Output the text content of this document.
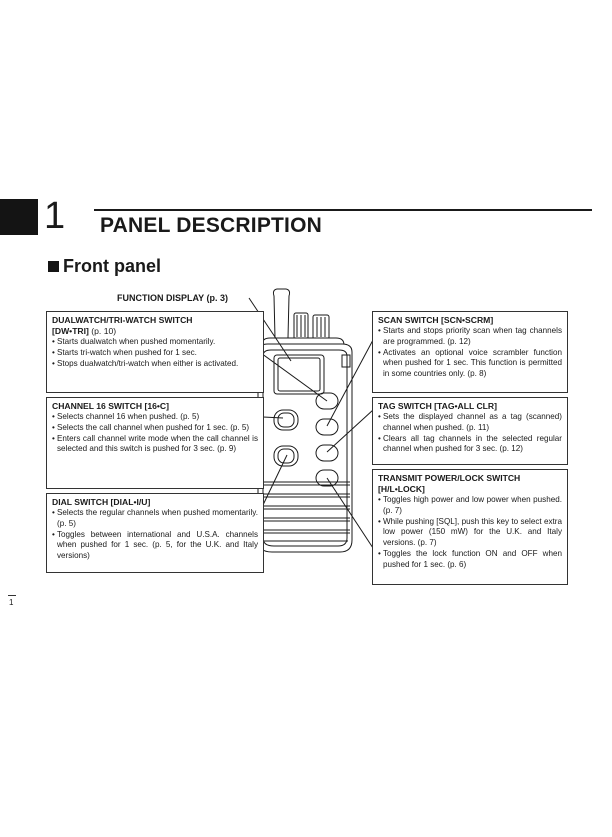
1 PANEL DESCRIPTION
Front panel
FUNCTION DISPLAY (p. 3)
DUALWATCH/TRI-WATCH SWITCH
[DW•TRI] (p. 10)
• Starts dualwatch when pushed momentarily.
• Starts tri-watch when pushed for 1 sec.
• Stops dualwatch/tri-watch when either is activated.
CHANNEL 16 SWITCH [16•C]
• Selects channel 16 when pushed. (p. 5)
• Selects the call channel when pushed for 1 sec. (p. 5)
• Enters call channel write mode when the call channel is selected and this switch is pushed for 3 sec. (p. 9)
DIAL SWITCH [DIAL•I/U]
• Selects the regular channels when pushed momentarily. (p. 5)
• Toggles between international and U.S.A. channels when pushed for 1 sec. (p. 5, for the U.K. and Italy versions)
SCAN SWITCH [SCN•SCRM]
• Starts and stops priority scan when tag channels are programmed. (p. 12)
• Activates an optional voice scrambler function when pushed for 1 sec. This function is permitted in some countries only. (p. 8)
TAG SWITCH [TAG•ALL CLR]
• Sets the displayed channel as a tag (scanned) channel when pushed. (p. 11)
• Clears all tag channels in the selected regular channel when pushed for 3 sec. (p. 12)
TRANSMIT POWER/LOCK SWITCH
[H/L•LOCK]
• Toggles high power and low power when pushed. (p. 7)
• While pushing [SQL], push this key to select extra low power (150 mW) for the U.K. and Italy versions. (p. 7)
• Toggles the lock function ON and OFF when pushed for 1 sec. (p. 6)
1
